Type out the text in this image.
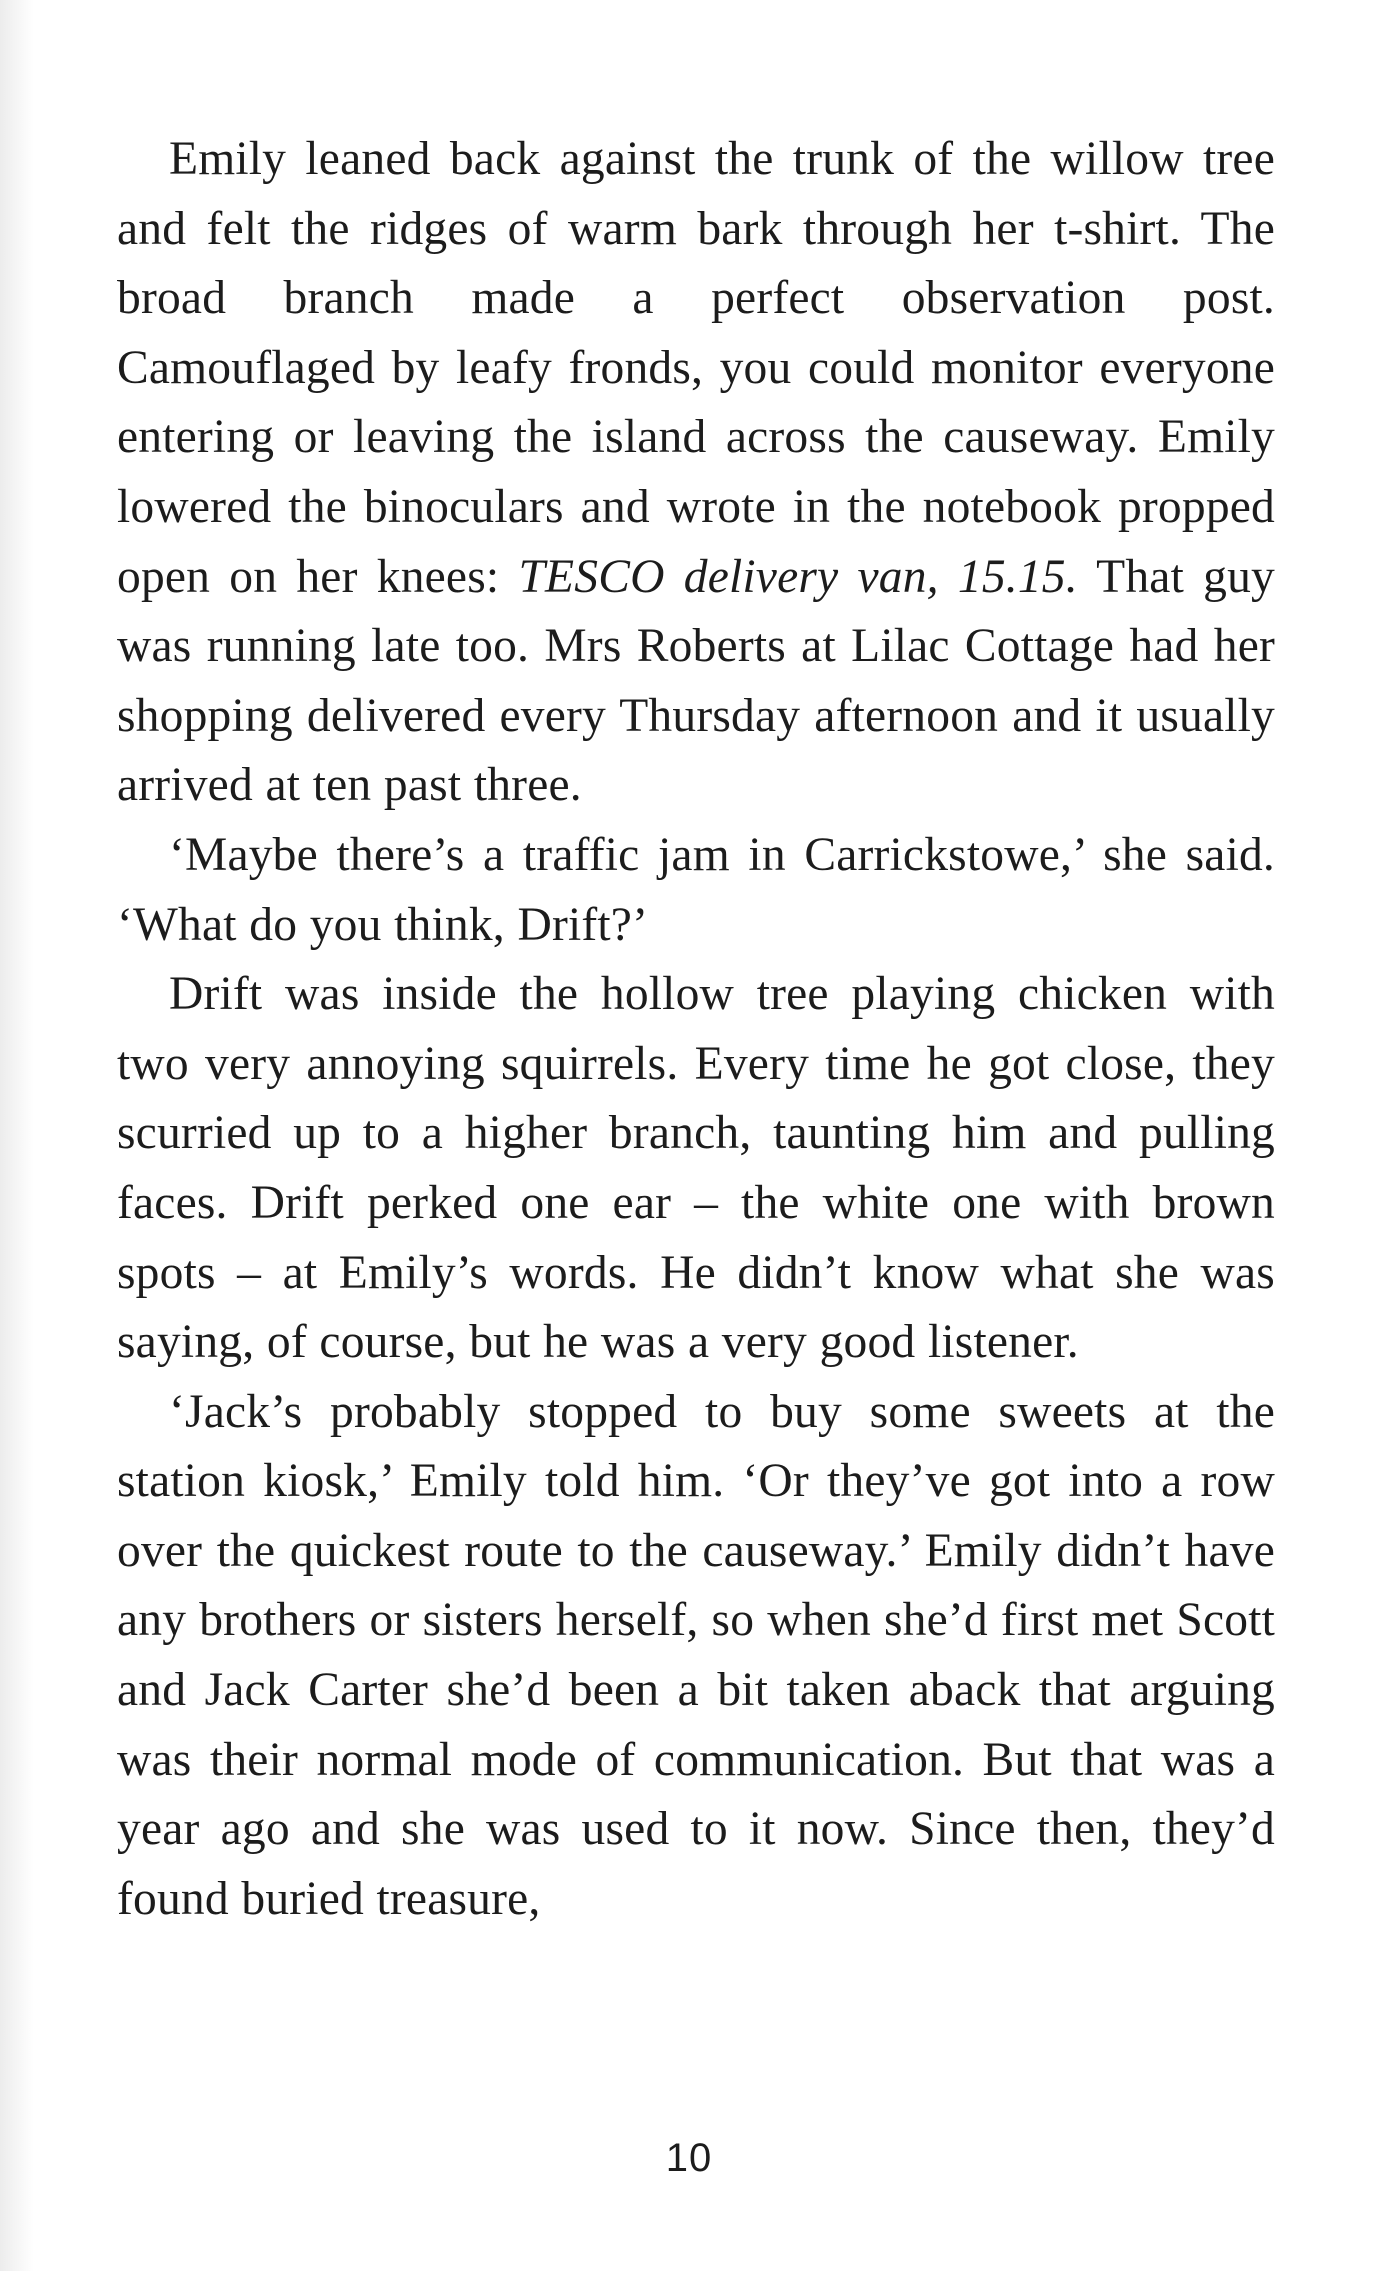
Emily leaned back against the trunk of the willow tree and felt the ridges of warm bark through her t-shirt. The broad branch made a perfect observation post. Camouflaged by leafy fronds, you could monitor everyone entering or leaving the island across the causeway. Emily lowered the binoculars and wrote in the notebook propped open on her knees: TESCO delivery van, 15.15. That guy was running late too. Mrs Roberts at Lilac Cottage had her shopping delivered every Thursday afternoon and it usually arrived at ten past three.

‘Maybe there’s a traffic jam in Carrickstowe,’ she said. ‘What do you think, Drift?’

Drift was inside the hollow tree playing chicken with two very annoying squirrels. Every time he got close, they scurried up to a higher branch, taunting him and pulling faces. Drift perked one ear – the white one with brown spots – at Emily’s words. He didn’t know what she was saying, of course, but he was a very good listener.

‘Jack’s probably stopped to buy some sweets at the station kiosk,’ Emily told him. ‘Or they’ve got into a row over the quickest route to the causeway.’ Emily didn’t have any brothers or sisters herself, so when she’d first met Scott and Jack Carter she’d been a bit taken aback that arguing was their normal mode of communication. But that was a year ago and she was used to it now. Since then, they’d found buried treasure,

10
